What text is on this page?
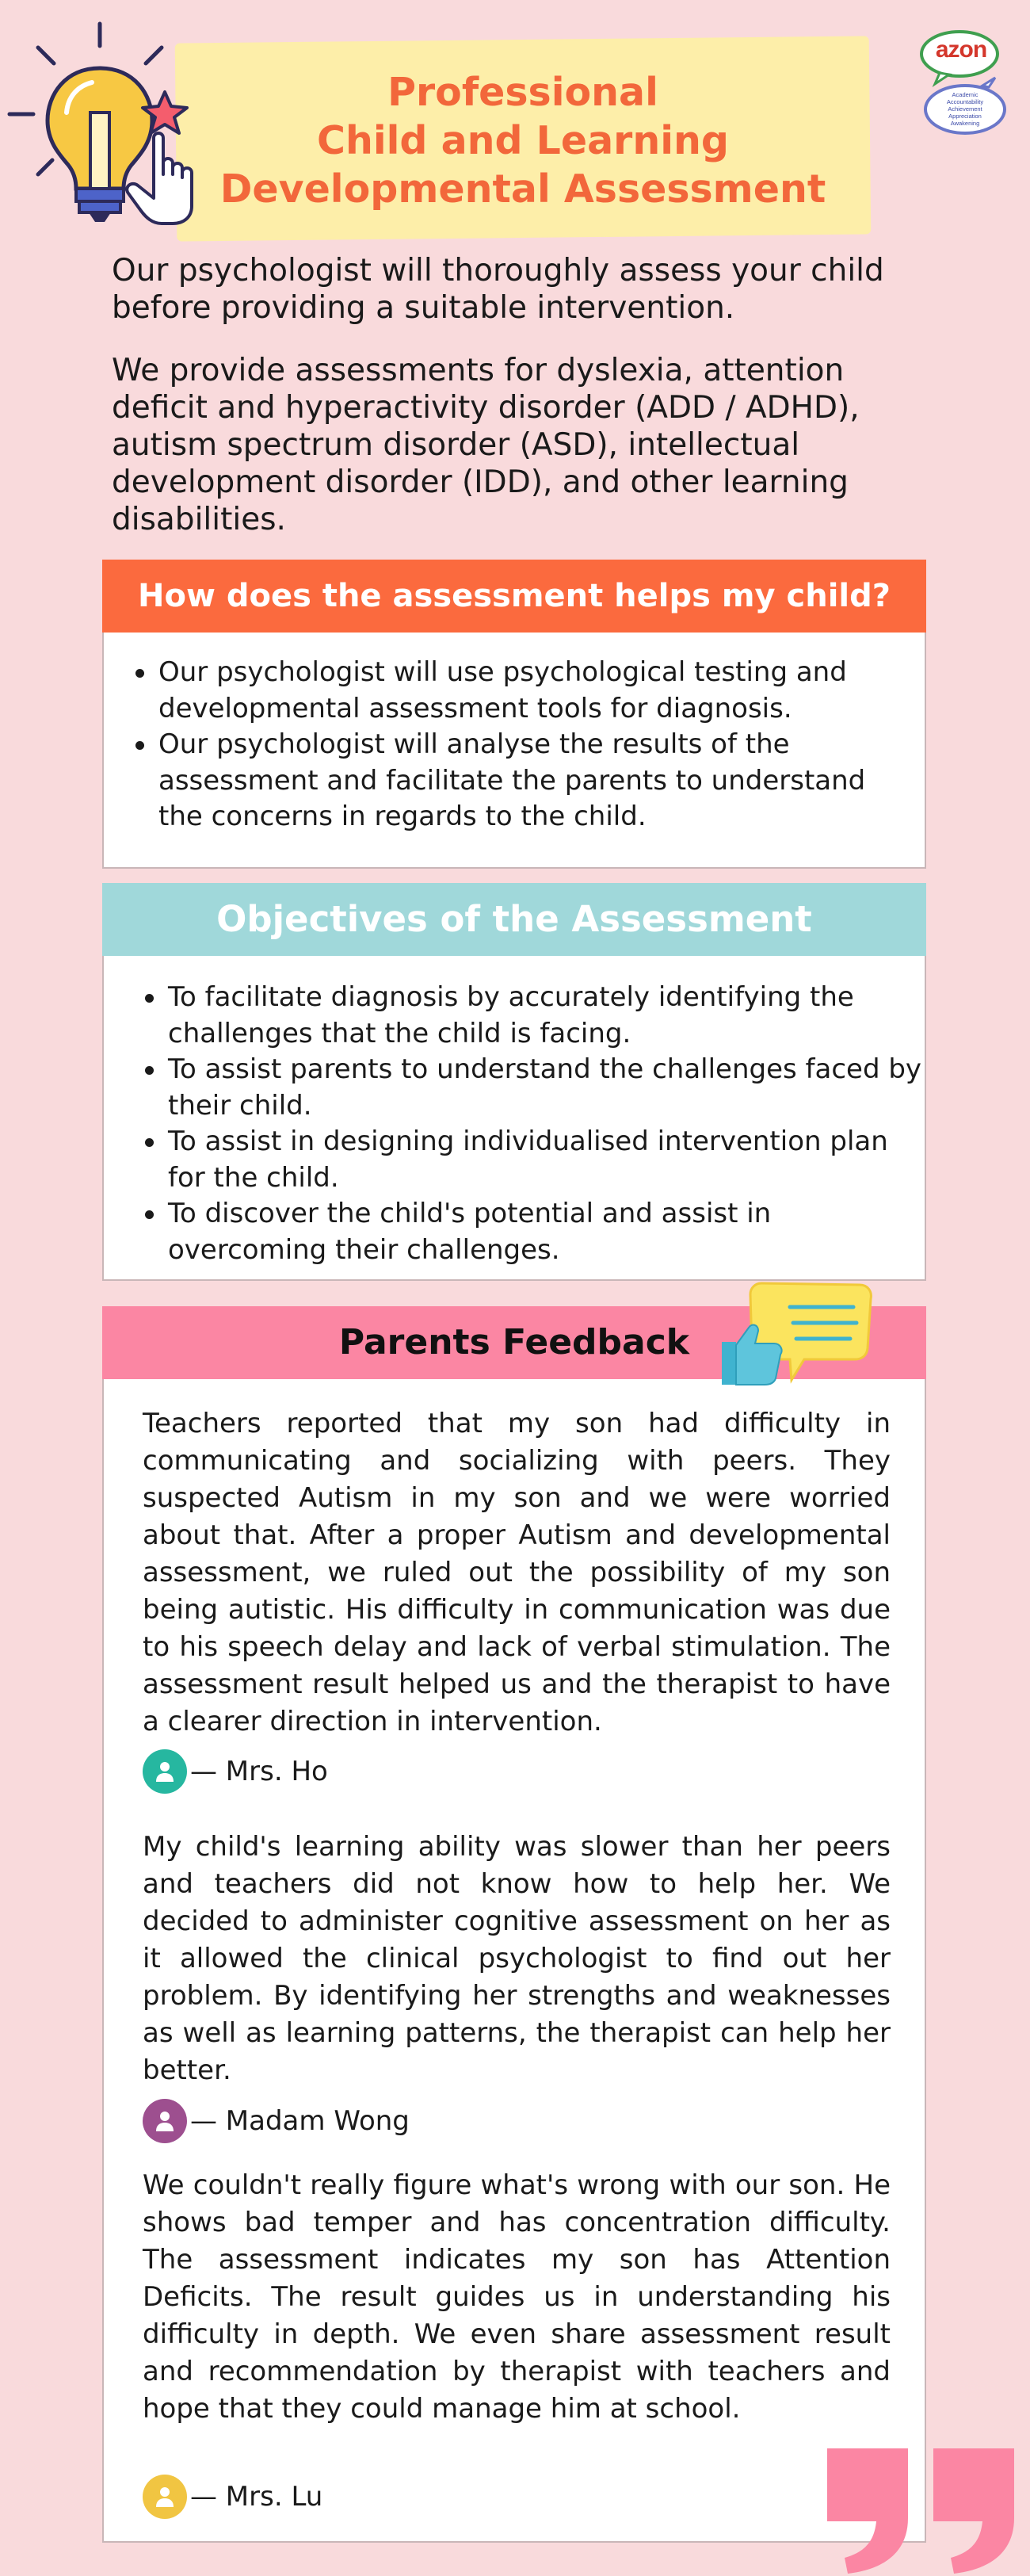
Professional
Child and Learning
Developmental Assessment
Academic
Accountability
Achievement
Appreciation
Awakening
azon
Our psychologist will thoroughly assess your child before providing a suitable intervention.
We provide assessments for dyslexia, attention deficit and hyperactivity disorder (ADD / ADHD), autism spectrum disorder (ASD), intellectual development disorder (IDD), and other learning disabilities.
How does the assessment helps my child?
Our psychologist will use psychological testing and developmental assessment tools for diagnosis.
Our psychologist will analyse the results of the assessment and facilitate the parents to understand the concerns in regards to the child.
Objectives of the Assessment
To facilitate diagnosis by accurately identifying the challenges that the child is facing.
To assist parents to understand the challenges faced by their child.
To assist in designing individualised intervention plan for the child.
To discover the child's potential and assist in overcoming their challenges.
Parents Feedback
Teachers reported that my son had difficulty in communicating and socializing with peers. They suspected Autism in my son and we were worried about that. After a proper Autism and developmental assessment, we ruled out the possibility of my son being autistic. His difficulty in communication was due to his speech delay and lack of verbal stimulation. The assessment result helped us and the therapist to have a clearer direction in intervention.
— Mrs. Ho
My child's learning ability was slower than her peers and teachers did not know how to help her. We decided to administer cognitive assessment on her as it allowed the clinical psychologist to find out her problem. By identifying her strengths and weaknesses as well as learning patterns, the therapist can help her better.
— Madam Wong
We couldn't really figure what's wrong with our son. He shows bad temper and has concentration difficulty. The assessment indicates my son has Attention Deficits. The result guides us in understanding his difficulty in depth. We even share assessment result and recommendation by therapist with teachers and hope that they could manage him at school.
— Mrs. Lu
